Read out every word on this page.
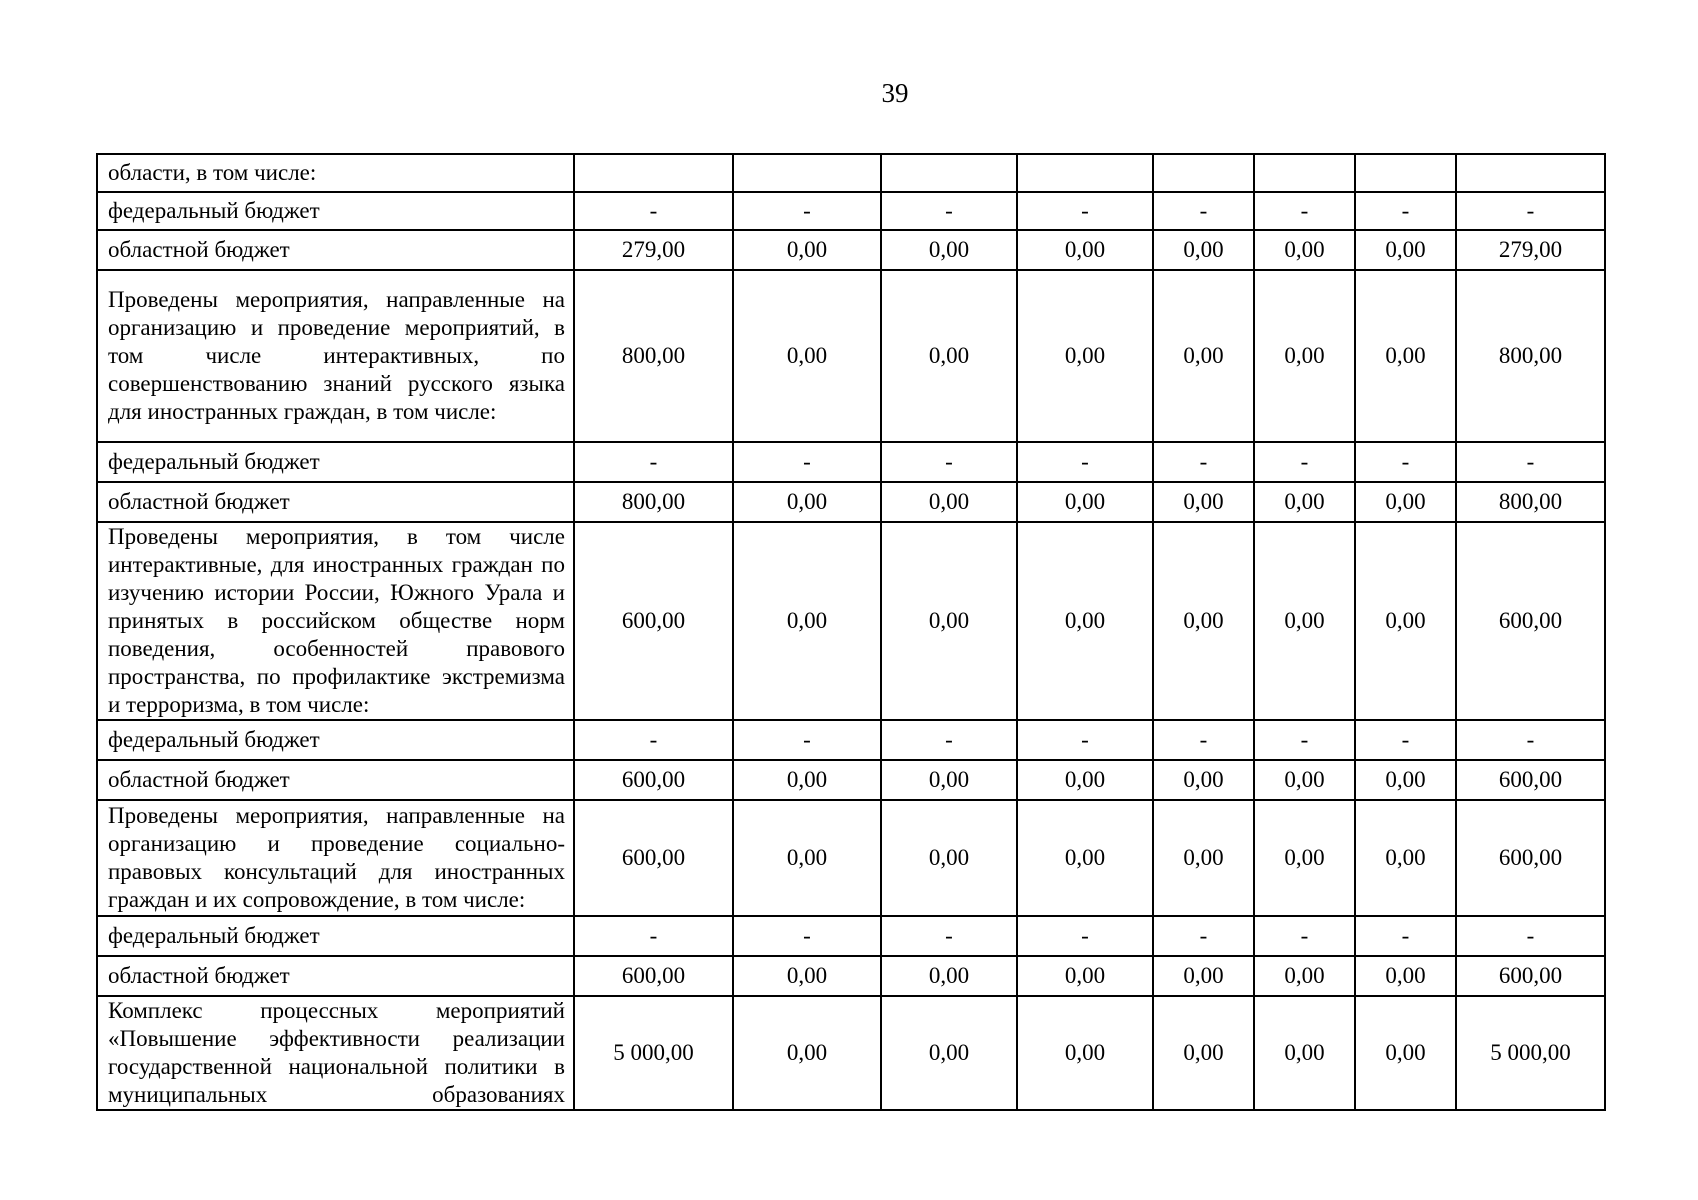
39
области, в том числе:								
федеральный бюджет	-	-	-	-	-	-	-	-
областной бюджет	279,00	0,00	0,00	0,00	0,00	0,00	0,00	279,00
Проведены мероприятия, направленные на организацию и проведение мероприятий, в том числе интерактивных, по совершенствованию знаний русского языка для иностранных граждан, в том числе:	800,00	0,00	0,00	0,00	0,00	0,00	0,00	800,00
федеральный бюджет	-	-	-	-	-	-	-	-
областной бюджет	800,00	0,00	0,00	0,00	0,00	0,00	0,00	800,00
Проведены мероприятия, в том числе интерактивные, для иностранных граждан по изучению истории России, Южного Урала и принятых в российском обществе норм поведения, особенностей правового пространства, по профилактике экстремизма и терроризма, в том числе:	600,00	0,00	0,00	0,00	0,00	0,00	0,00	600,00
федеральный бюджет	-	-	-	-	-	-	-	-
областной бюджет	600,00	0,00	0,00	0,00	0,00	0,00	0,00	600,00
Проведены мероприятия, направленные на организацию и проведение социально-правовых консультаций для иностранных граждан и их сопровождение, в том числе:	600,00	0,00	0,00	0,00	0,00	0,00	0,00	600,00
федеральный бюджет	-	-	-	-	-	-	-	-
областной бюджет	600,00	0,00	0,00	0,00	0,00	0,00	0,00	600,00
Комплекс процессных мероприятий «Повышение эффективности реализации государственной национальной политики в муниципальных образованиях	5 000,00	0,00	0,00	0,00	0,00	0,00	0,00	5 000,00
